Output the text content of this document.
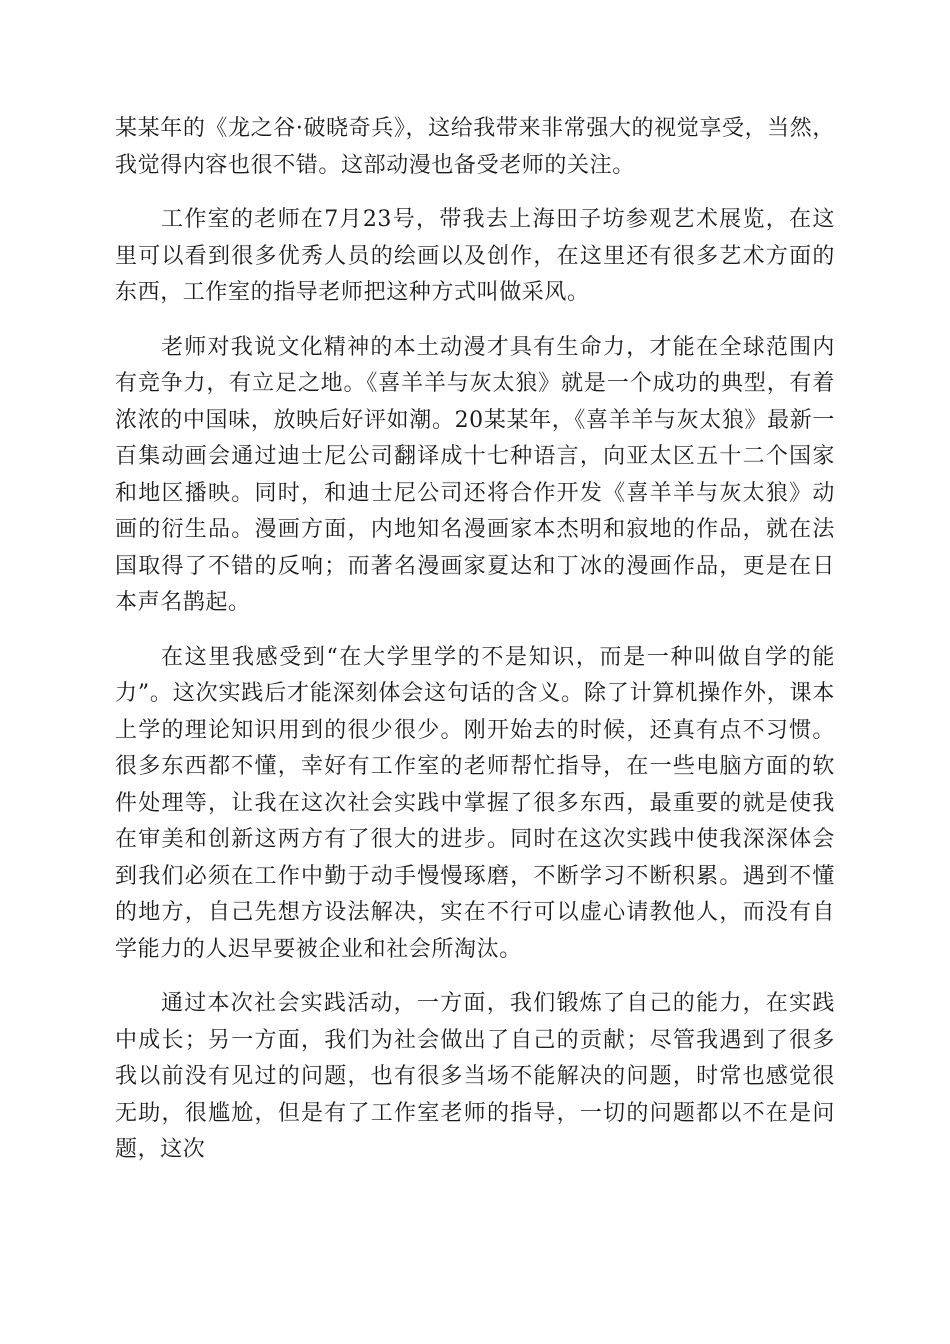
某某年的《龙之谷·破晓奇兵》，这给我带来非常强大的视觉享受，当然，我觉得内容也很不错。这部动漫也备受老师的关注。

工作室的老师在7月23号，带我去上海田子坊参观艺术展览，在这里可以看到很多优秀人员的绘画以及创作，在这里还有很多艺术方面的东西，工作室的指导老师把这种方式叫做采风。

老师对我说文化精神的本土动漫才具有生命力，才能在全球范围内有竞争力，有立足之地。《喜羊羊与灰太狼》就是一个成功的典型，有着浓浓的中国味，放映后好评如潮。20某某年，《喜羊羊与灰太狼》最新一百集动画会通过迪士尼公司翻译成十七种语言，向亚太区五十二个国家和地区播映。同时，和迪士尼公司还将合作开发《喜羊羊与灰太狼》动画的衍生品。漫画方面，内地知名漫画家本杰明和寂地的作品，就在法国取得了不错的反响；而著名漫画家夏达和丁冰的漫画作品，更是在日本声名鹊起。

在这里我感受到“在大学里学的不是知识，而是一种叫做自学的能力”。这次实践后才能深刻体会这句话的含义。除了计算机操作外，课本上学的理论知识用到的很少很少。刚开始去的时候，还真有点不习惯。很多东西都不懂，幸好有工作室的老师帮忙指导，在一些电脑方面的软件处理等，让我在这次社会实践中掌握了很多东西，最重要的就是使我在审美和创新这两方有了很大的进步。同时在这次实践中使我深深体会到我们必须在工作中勤于动手慢慢琢磨，不断学习不断积累。遇到不懂的地方，自己先想方设法解决，实在不行可以虚心请教他人，而没有自学能力的人迟早要被企业和社会所淘汰。

通过本次社会实践活动，一方面，我们锻炼了自己的能力，在实践中成长；另一方面，我们为社会做出了自己的贡献；尽管我遇到了很多我以前没有见过的问题，也有很多当场不能解决的问题，时常也感觉很无助，很尴尬，但是有了工作室老师的指导，一切的问题都以不在是问题，这次
